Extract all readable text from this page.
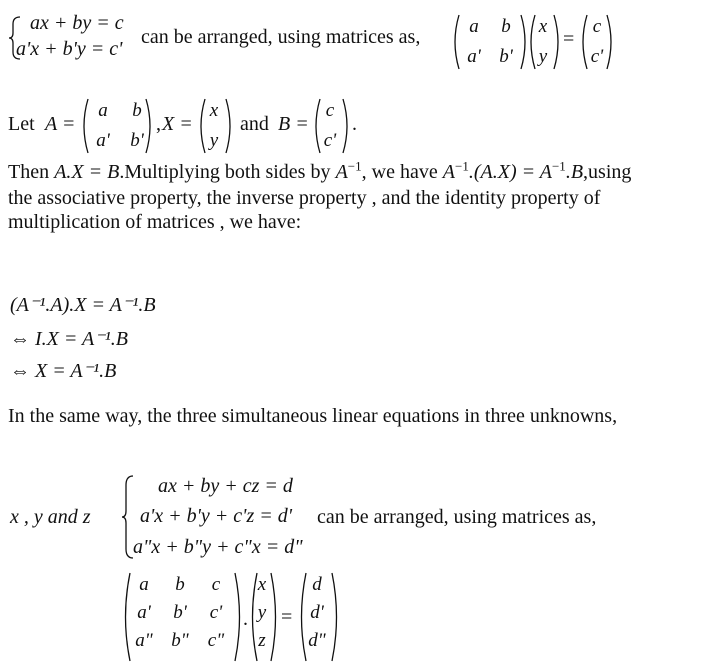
ax + by = c
a'x + b'y = c'
can be arranged, using matrices as,	a	b
a' b'
x
y
=
c
c'
Let A =
a	b
a'	b'
, X =
x
y
and B =
c
c'
.
Then A.X = B.Multiplying both sides by $A^{-1}$, we have $A^{-1}.(A.X) = A^{-1}.B,using$
the associative property, the inverse property , and the identity property of
multiplication of matrices , we have:
(A⁻¹.A).X = A⁻¹.B
⇔ I.X = A⁻¹.B
⇔ X = A⁻¹.B
In the same way, the three simultaneous linear equations in three unknowns,
x , y and z
ax + by + cz = d
a'x + b'y + c'z = d'
a"x + b"y + c"x = d"
can be arranged, using matrices as,
a	b	c
a'	b'	c'
a" b"	c"
.
x
y
z
=
d
d'
d"
